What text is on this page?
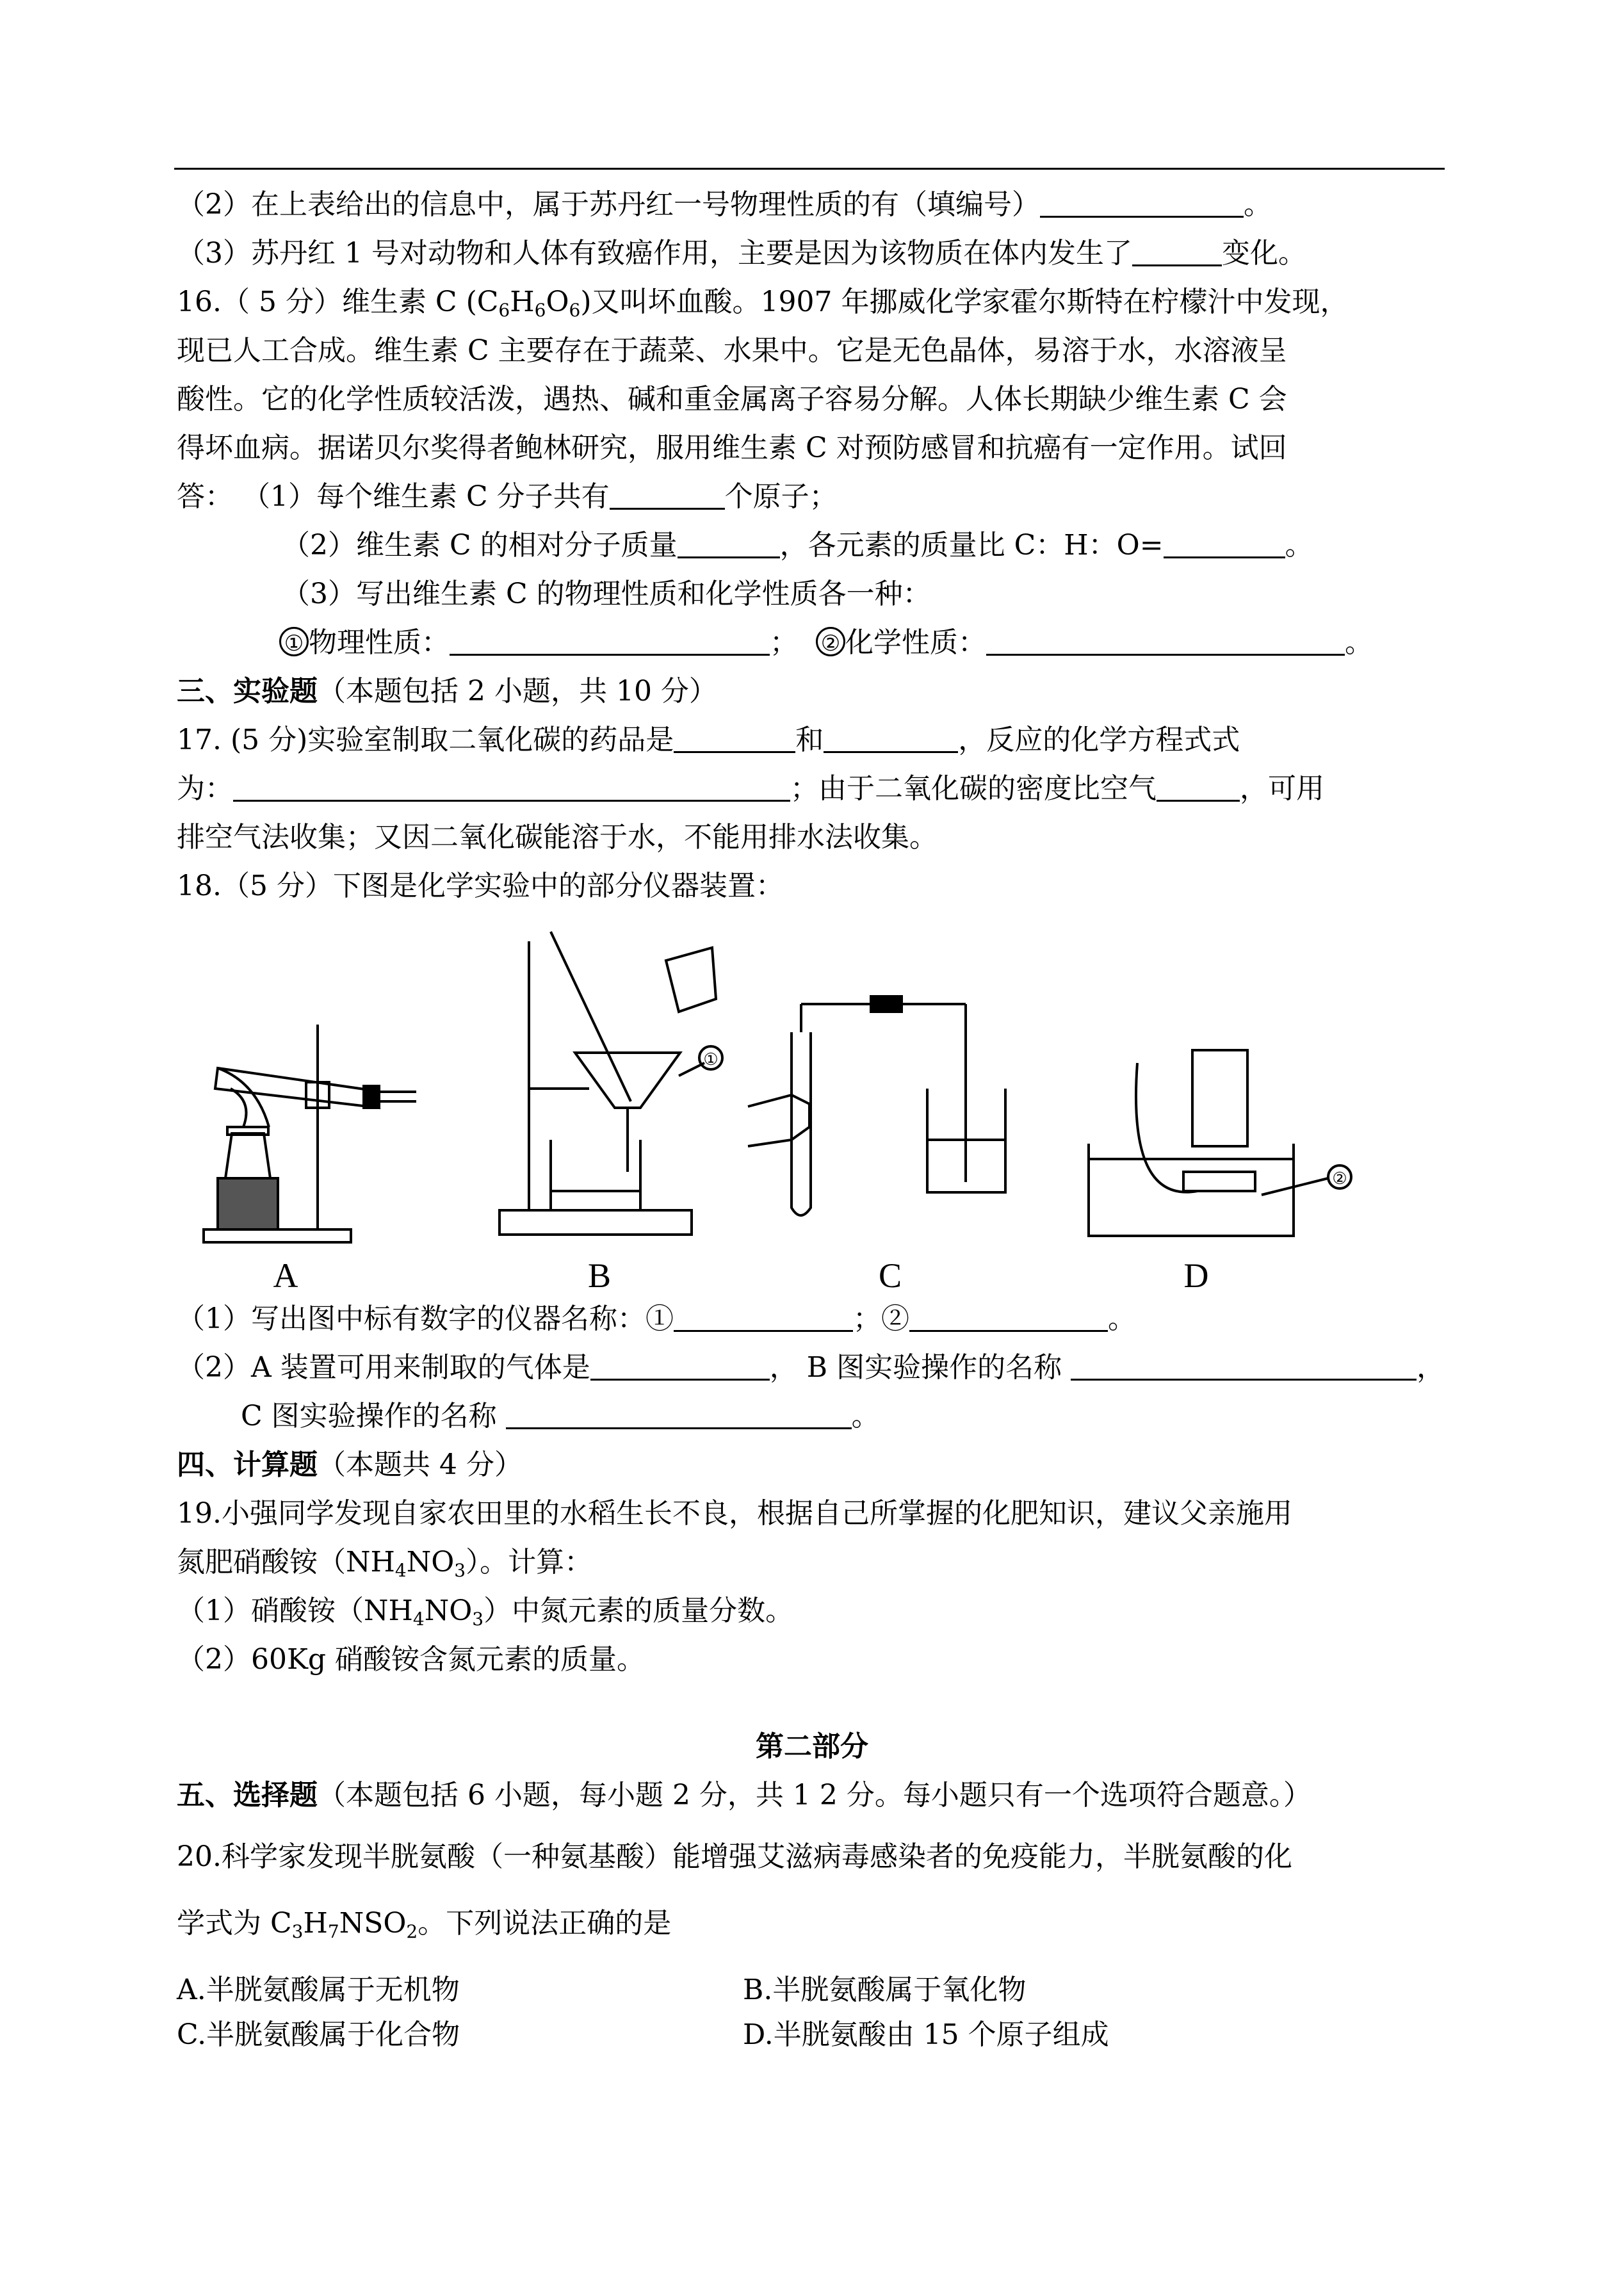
（2）在上表给出的信息中，属于苏丹红一号物理性质的有（填编号）	。
（3）苏丹红 1 号对动物和人体有致癌作用，主要是因为该物质在体内发生了	变化。
16.（ 5 分）维生素 C $(C_6H_6O_6)$又叫坏血酸。1907 年挪威化学家霍尔斯特在柠檬汁中发现，
现已人工合成。维生素 C 主要存在于蔬菜、水果中。它是无色晶体，易溶于水，水溶液呈
酸性。它的化学性质较活泼，遇热、碱和重金属离子容易分解。人体长期缺少维生素 C 会
得坏血病。据诺贝尔奖得者鲍林研究，服用维生素 C 对预防感冒和抗癌有一定作用。试回
答： （1）每个维生素 C 分子共有	个原子；
（2）维生素 C 的相对分子质量	，各元素的质量比 C：H：O=	。
（3）写出维生素 C 的物理性质和化学性质各一种：
① 物理性质：	； ② 化学性质：	。
三、实验题（本题包括 2 小题，共 10 分）
17. (5 分)实验室制取二氧化碳的药品是	和	，反应的化学方程式式
为：	；由于二氧化碳的密度比空气	，可用
排空气法收集；又因二氧化碳能溶于水，不能用排水法收集。
18.（5 分）下图是化学实验中的部分仪器装置：
①
②
A	B	C	D
（1）写出图中标有数字的仪器名称：①	；②	。
（2）A 装置可用来制取的气体是	， B 图实验操作的名称	，
C 图实验操作的名称	。
四、计算题（本题共 4 分）
19.小强同学发现自家农田里的水稻生长不良，根据自己所掌握的化肥知识，建议父亲施用
氮肥硝酸铵$(NH_4NO_3)$。计算：
（1）硝酸铵$(NH_4NO_3)$中氮元素的质量分数。
（2）60Kg 硝酸铵含氮元素的质量。
第二部分
五、选择题（本题包括 6 小题，每小题 2 分，共 1 2 分。每小题只有一个选项符合题意。）
20.科学家发现半胱氨酸（一种氨基酸）能增强艾滋病毒感染者的免疫能力，半胱氨酸的化
学式为 $C_3H_7NSO_2$。下列说法正确的是
A.半胱氨酸属于无机物	B.半胱氨酸属于氧化物
C.半胱氨酸属于化合物	D.半胱氨酸由 15 个原子组成
